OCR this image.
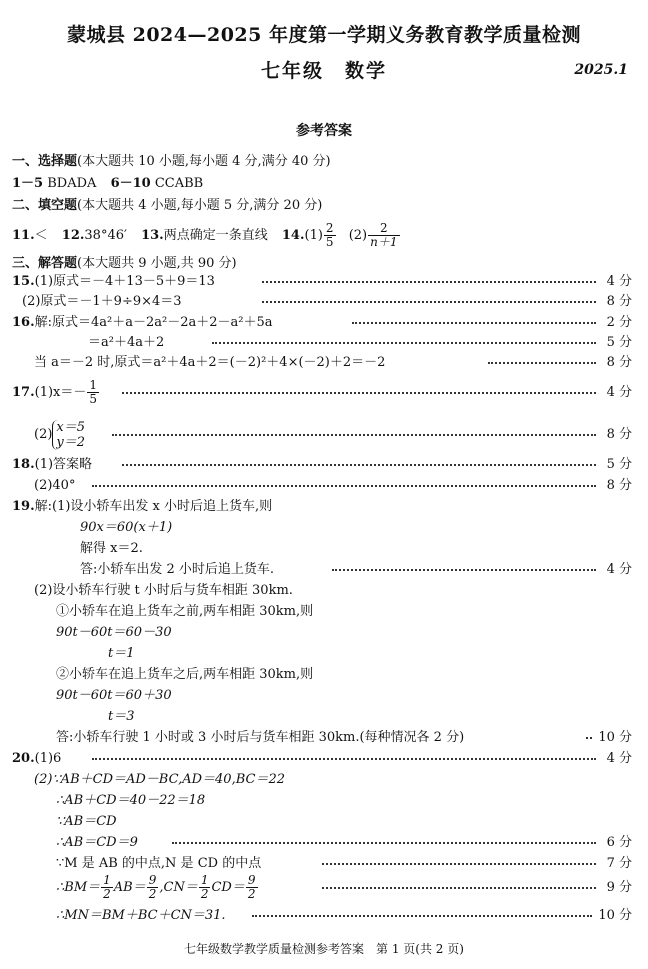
蒙城县 2024—2025 年度第一学期义务教育教学质量检测
七年级　数学	2025.1
参考答案
一、选择题(本大题共 10 小题,每小题 4 分,满分 40 分)
1－5 BDADA 6－10 CCABB
二、填空题(本大题共 4 小题,每小题 5 分,满分 20 分)
11.＜ 12.38°46′ 13.两点确定一条直线 $14.(1) \frac{2}{5} (2) \frac{2}{n+1}$
三、解答题(本大题共 9 小题,共 90 分)
15.(1)原式＝－4＋13－5＋9＝13	4 分
(2)原式＝－1＋9÷9×4＝3	8 分
16.解:原式＝4a²＋a－2a²－2a＋2－a²＋5a	2 分
＝a²＋4a＋2	5 分
当 a＝－2 时,原式＝a²＋4a＋2＝(－2)²＋4×(－2)＋2＝－2	8 分
$17.(1)x=- \frac{1}{5}$	4 分
(2) x＝5
y＝2	8 分
18.(1)答案略	5 分
(2)40°	8 分
19.解:(1)设小轿车出发 x 小时后追上货车,则
90x＝60(x＋1)
解得 x＝2.
答:小轿车出发 2 小时后追上货车.	4 分
(2)设小轿车行驶 t 小时后与货车相距 30km.
①小轿车在追上货车之前,两车相距 30km,则
90t－60t＝60－30
t＝1
②小轿车在追上货车之后,两车相距 30km,则
90t－60t＝60＋30
t＝3
答:小轿车行驶 1 小时或 3 小时后与货车相距 30km.(每种情况各 2 分)	10 分
20.(1)6	4 分
(2)∵AB＋CD＝AD－BC,AD＝40,BC＝22
∴AB＋CD＝40－22＝18
∵AB＝CD
∴AB＝CD＝9	6 分
∵M 是 AB 的中点,N 是 CD 的中点	7 分
∴BM＝ $\frac{1}{2} AB= \frac{9}{2} ,CN= \frac{1}{2} CD= \frac{9}{2}$	9 分
∴MN＝BM＋BC＋CN＝31.	10 分
七年级数学教学质量检测参考答案　第 1 页(共 2 页)
